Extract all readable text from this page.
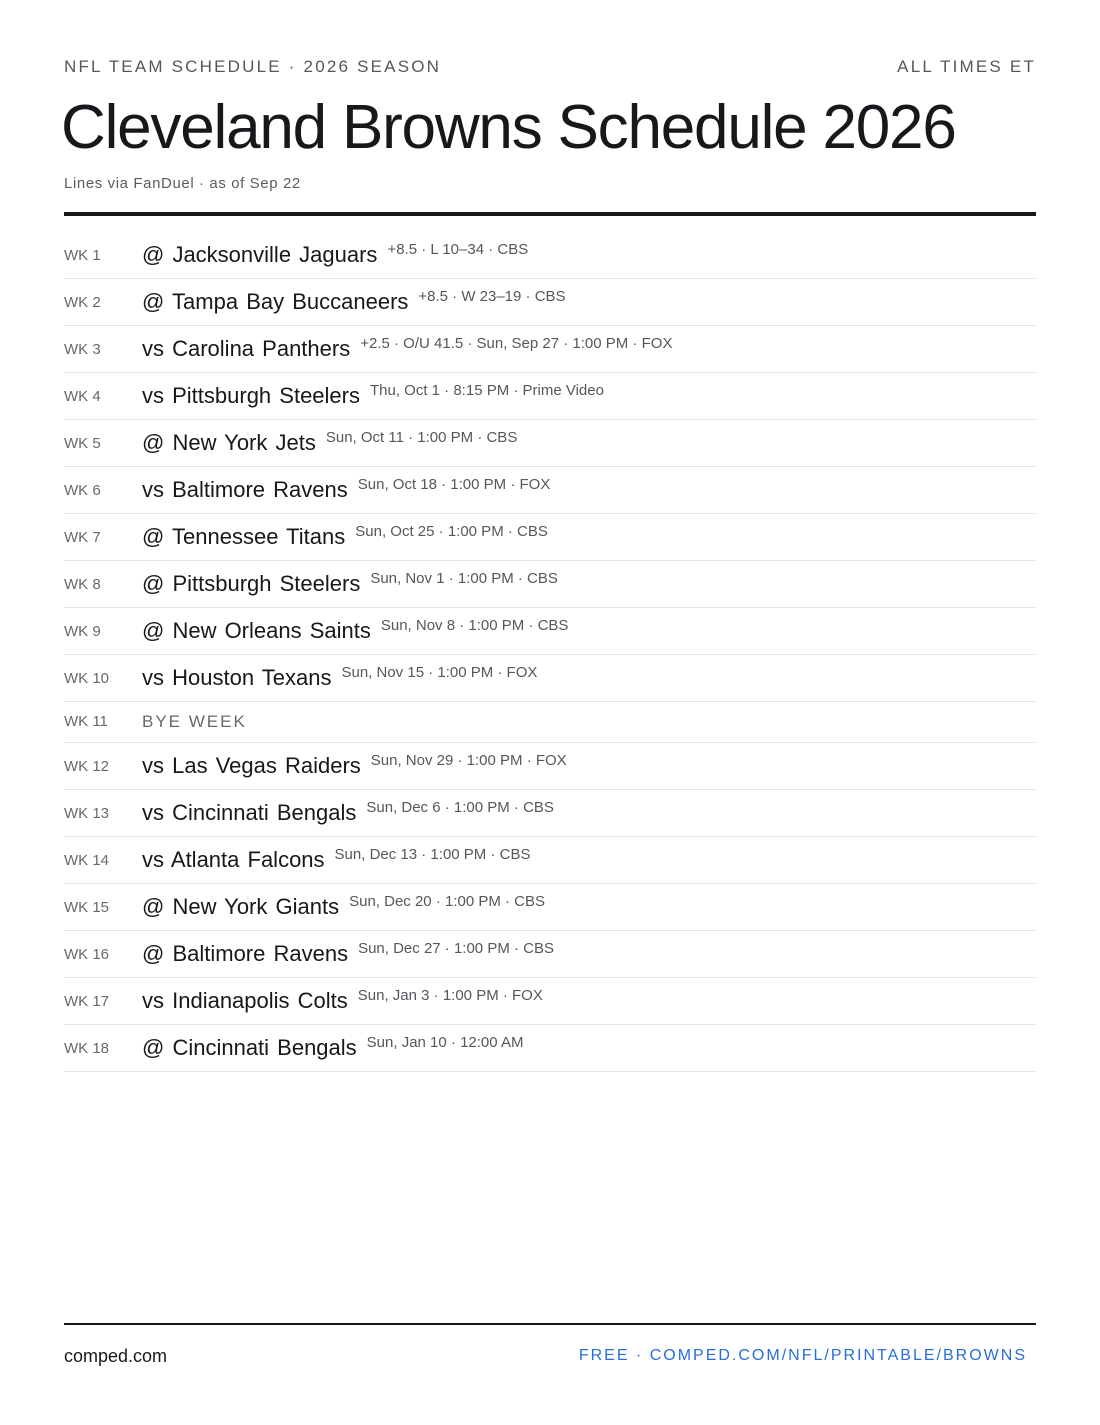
NFL TEAM SCHEDULE · 2026 SEASON	ALL TIMES ET
Cleveland Browns Schedule 2026
Lines via FanDuel · as of Sep 22
WK 1 @ Jacksonville Jaguars +8.5 · L 10–34 · CBS
WK 2 @ Tampa Bay Buccaneers +8.5 · W 23–19 · CBS
WK 3 vs Carolina Panthers +2.5 · O/U 41.5 · Sun, Sep 27 · 1:00 PM · FOX
WK 4 vs Pittsburgh Steelers Thu, Oct 1 · 8:15 PM · Prime Video
WK 5 @ New York Jets Sun, Oct 11 · 1:00 PM · CBS
WK 6 vs Baltimore Ravens Sun, Oct 18 · 1:00 PM · FOX
WK 7 @ Tennessee Titans Sun, Oct 25 · 1:00 PM · CBS
WK 8 @ Pittsburgh Steelers Sun, Nov 1 · 1:00 PM · CBS
WK 9 @ New Orleans Saints Sun, Nov 8 · 1:00 PM · CBS
WK 10 vs Houston Texans Sun, Nov 15 · 1:00 PM · FOX
WK 11 BYE WEEK
WK 12 vs Las Vegas Raiders Sun, Nov 29 · 1:00 PM · FOX
WK 13 vs Cincinnati Bengals Sun, Dec 6 · 1:00 PM · CBS
WK 14 vs Atlanta Falcons Sun, Dec 13 · 1:00 PM · CBS
WK 15 @ New York Giants Sun, Dec 20 · 1:00 PM · CBS
WK 16 @ Baltimore Ravens Sun, Dec 27 · 1:00 PM · CBS
WK 17 vs Indianapolis Colts Sun, Jan 3 · 1:00 PM · FOX
WK 18 @ Cincinnati Bengals Sun, Jan 10 · 12:00 AM
comped.com	FREE · COMPED.COM/NFL/PRINTABLE/BROWNS
